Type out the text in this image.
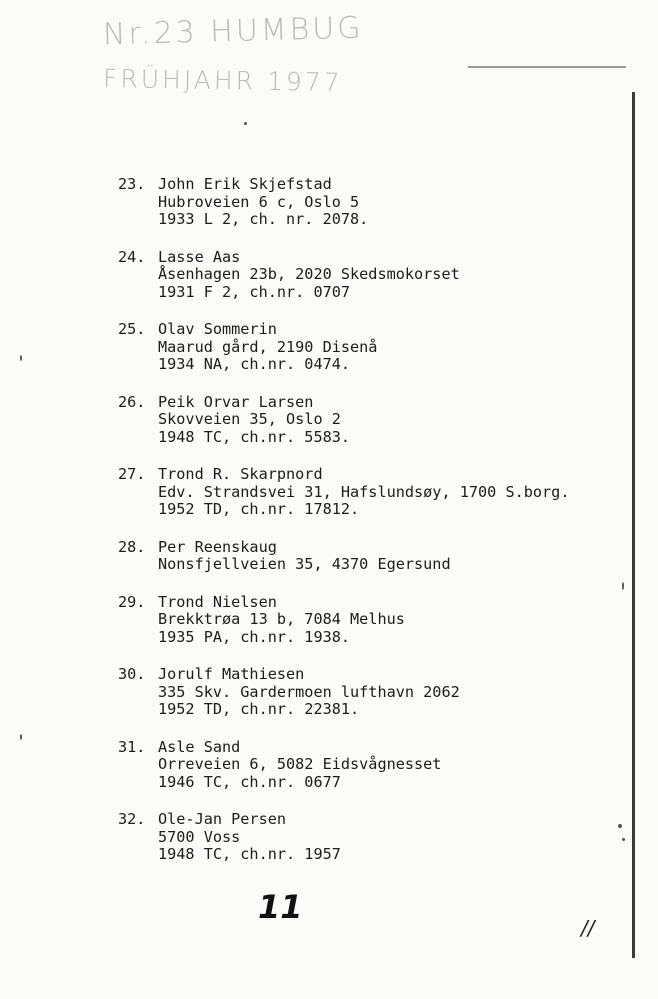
Nr.23 HUMBUG
FRÜHJAHR 1977
23. John Erik Skjefstad
Hubroveien 6 c, Oslo 5
1933 L 2, ch. nr. 2078.
24. Lasse Aas
Åsenhagen 23b, 2020 Skedsmokorset
1931 F 2, ch.nr. 0707
25. Olav Sommerin
Maarud gård, 2190 Disenå
1934 NA, ch.nr. 0474.
26. Peik Orvar Larsen
Skovveien 35, Oslo 2
1948 TC, ch.nr. 5583.
27. Trond R. Skarpnord
Edv. Strandsvei 31, Hafslundsøy, 1700 S.borg.
1952 TD, ch.nr. 17812.
28. Per Reenskaug
Nonsfjellveien 35, 4370 Egersund
29. Trond Nielsen
Brekktrøa 13 b, 7084 Melhus
1935 PA, ch.nr. 1938.
30. Jorulf Mathiesen
335 Skv. Gardermoen lufthavn 2062
1952 TD, ch.nr. 22381.
31. Asle Sand
Orreveien 6, 5082 Eidsvågnesset
1946 TC, ch.nr. 0677
32. Ole-Jan Persen
5700 Voss
1948 TC, ch.nr. 1957
11
//
